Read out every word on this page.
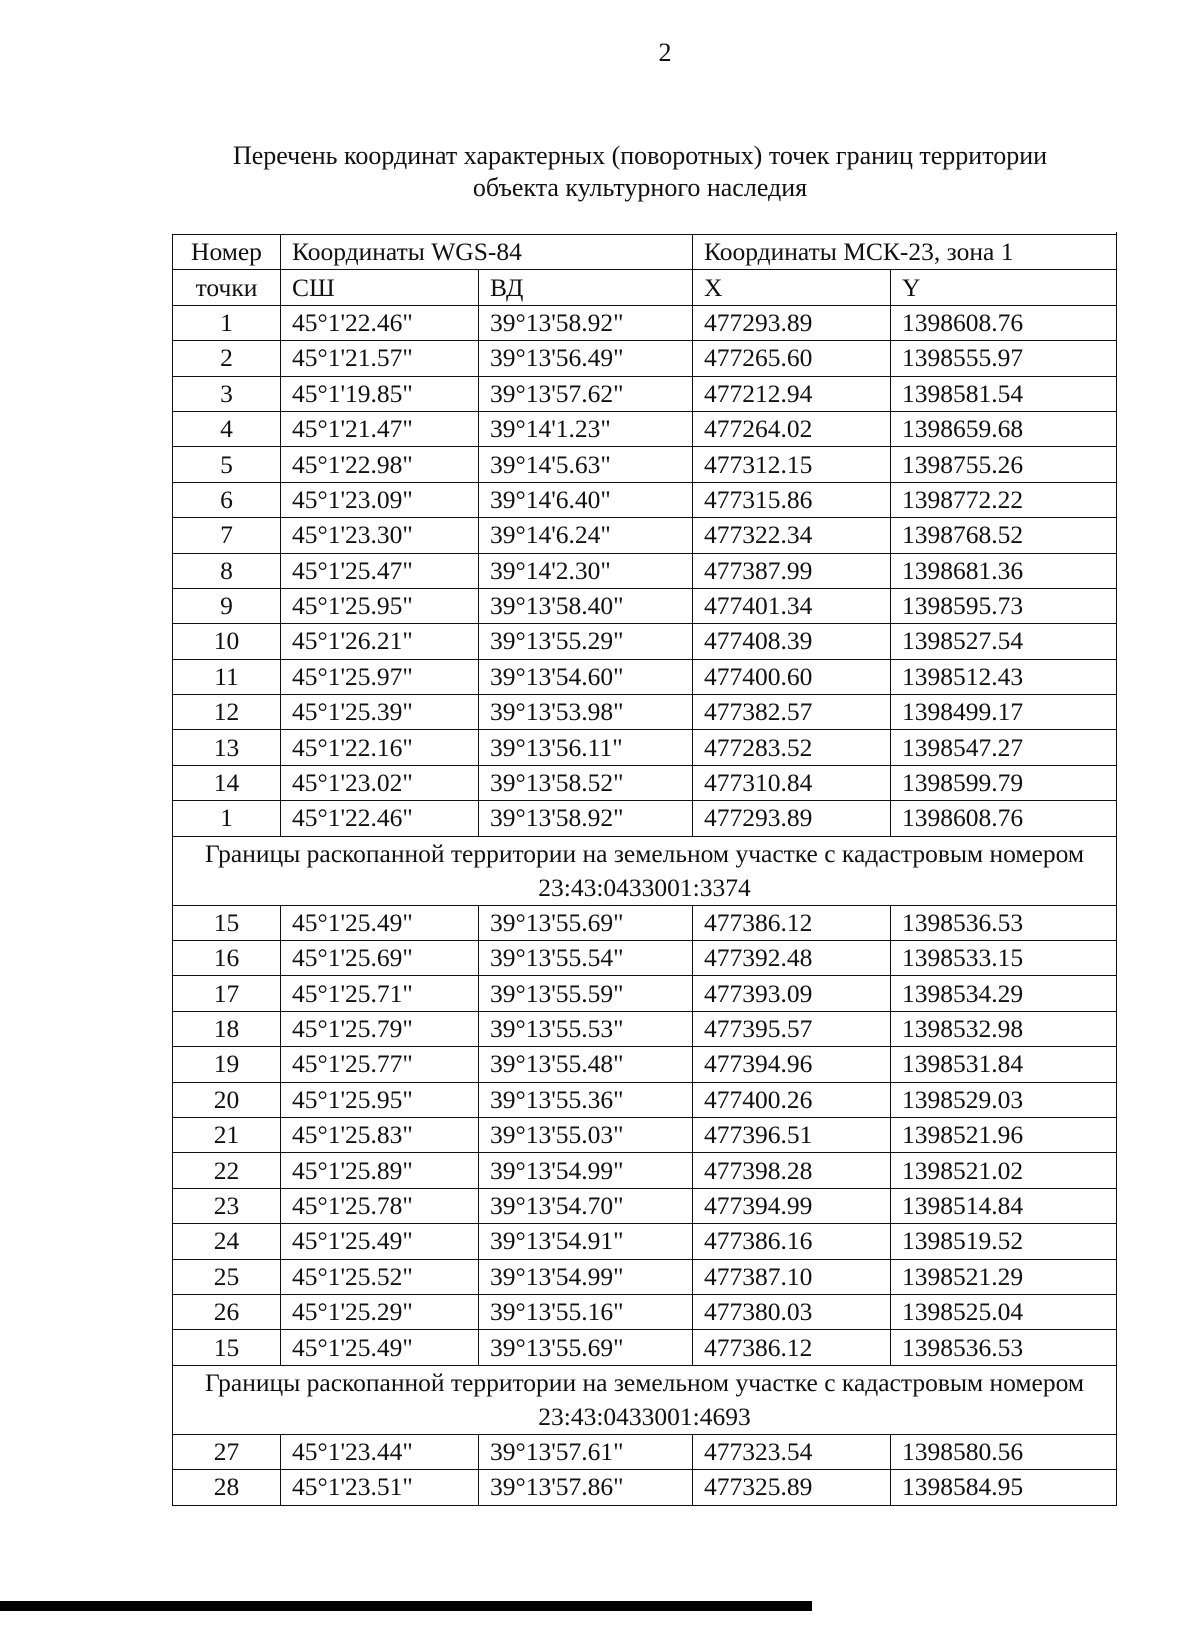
2
Перечень координат характерных (поворотных) точек границ территории
объекта культурного наследия
Номер	Координаты WGS-84		Координаты МСК-23, зона 1	
точки	СШ	ВД	X	Y
1	45°1'22.46"	39°13'58.92"	477293.89	1398608.76
2	45°1'21.57"	39°13'56.49"	477265.60	1398555.97
3	45°1'19.85"	39°13'57.62"	477212.94	1398581.54
4	45°1'21.47"	39°14'1.23"	477264.02	1398659.68
5	45°1'22.98"	39°14'5.63"	477312.15	1398755.26
6	45°1'23.09"	39°14'6.40"	477315.86	1398772.22
7	45°1'23.30"	39°14'6.24"	477322.34	1398768.52
8	45°1'25.47"	39°14'2.30"	477387.99	1398681.36
9	45°1'25.95"	39°13'58.40"	477401.34	1398595.73
10	45°1'26.21"	39°13'55.29"	477408.39	1398527.54
11	45°1'25.97"	39°13'54.60"	477400.60	1398512.43
12	45°1'25.39"	39°13'53.98"	477382.57	1398499.17
13	45°1'22.16"	39°13'56.11"	477283.52	1398547.27
14	45°1'23.02"	39°13'58.52"	477310.84	1398599.79
1	45°1'22.46"	39°13'58.92"	477293.89	1398608.76
Границы раскопанной территории на земельном участке с кадастровым номером 23:43:0433001:3374				
15	45°1'25.49"	39°13'55.69"	477386.12	1398536.53
16	45°1'25.69"	39°13'55.54"	477392.48	1398533.15
17	45°1'25.71"	39°13'55.59"	477393.09	1398534.29
18	45°1'25.79"	39°13'55.53"	477395.57	1398532.98
19	45°1'25.77"	39°13'55.48"	477394.96	1398531.84
20	45°1'25.95"	39°13'55.36"	477400.26	1398529.03
21	45°1'25.83"	39°13'55.03"	477396.51	1398521.96
22	45°1'25.89"	39°13'54.99"	477398.28	1398521.02
23	45°1'25.78"	39°13'54.70"	477394.99	1398514.84
24	45°1'25.49"	39°13'54.91"	477386.16	1398519.52
25	45°1'25.52"	39°13'54.99"	477387.10	1398521.29
26	45°1'25.29"	39°13'55.16"	477380.03	1398525.04
15	45°1'25.49"	39°13'55.69"	477386.12	1398536.53
Границы раскопанной территории на земельном участке с кадастровым номером 23:43:0433001:4693				
27	45°1'23.44"	39°13'57.61"	477323.54	1398580.56
28	45°1'23.51"	39°13'57.86"	477325.89	1398584.95
